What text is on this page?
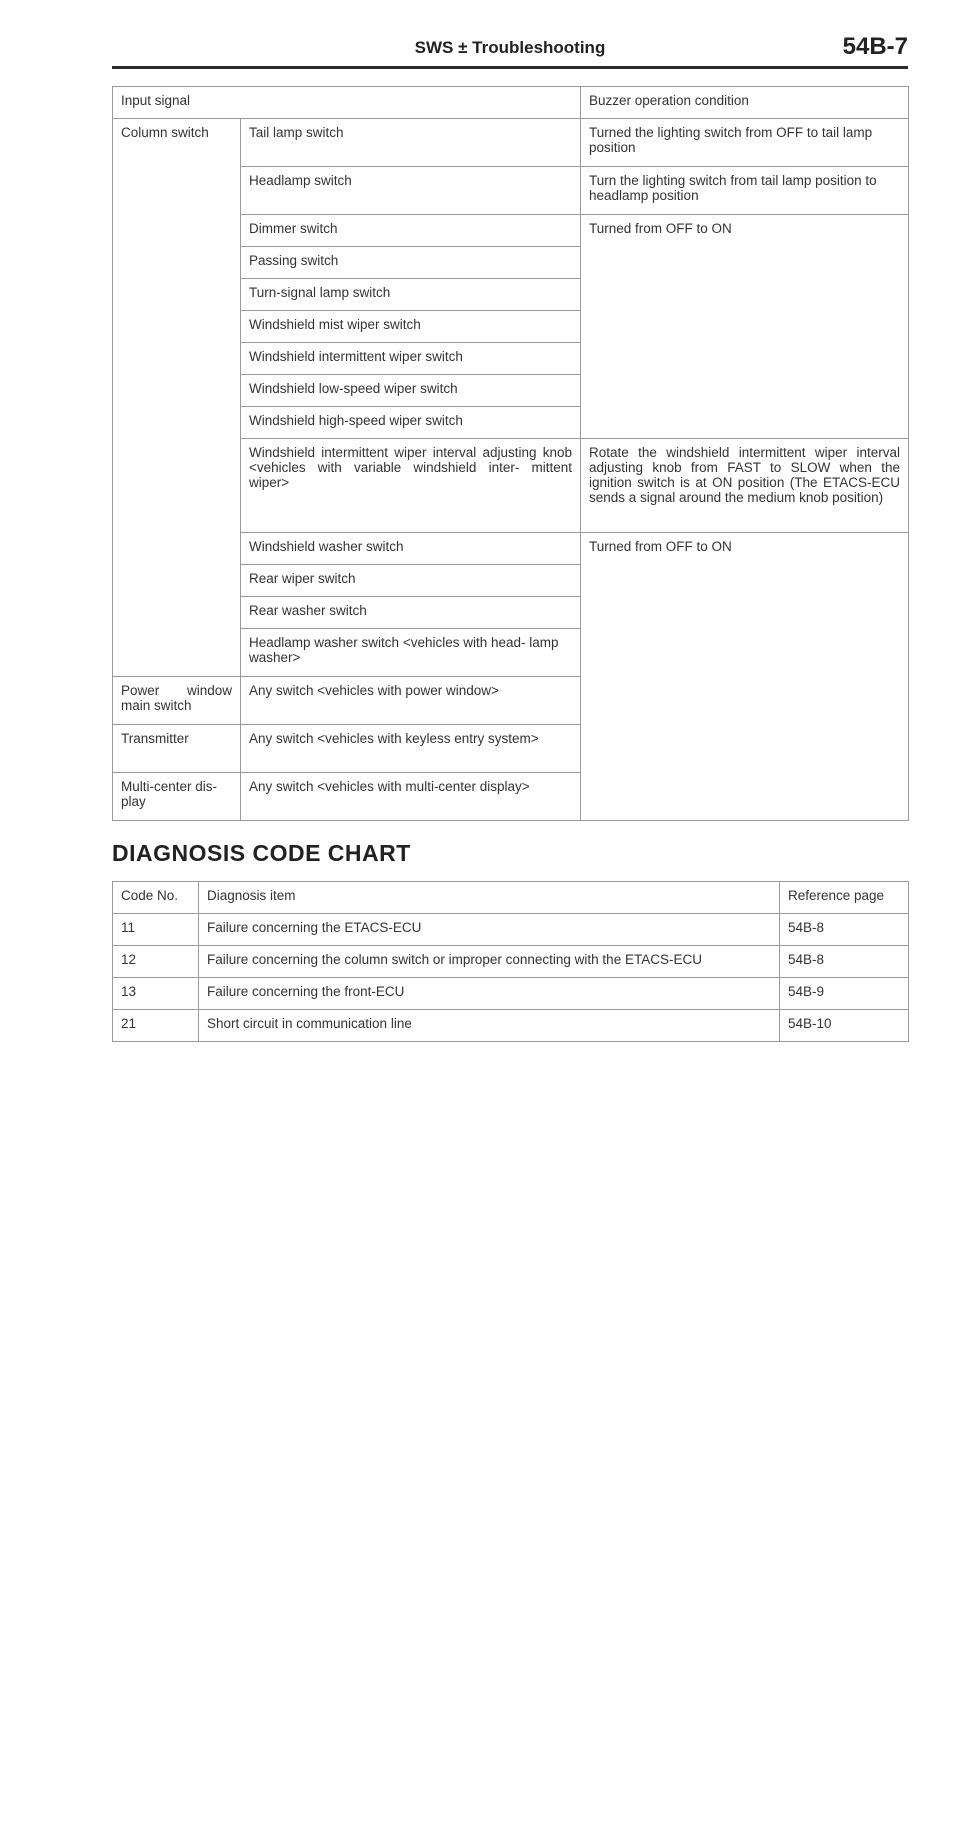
SWS ± Troubleshooting	54B-7
Input signal		Buzzer operation condition
Column switch	Tail lamp switch	Turned the lighting switch from OFF to tail lamp position
	Headlamp switch	Turn the lighting switch from tail lamp position to headlamp position
	Dimmer switch	Turned from OFF to ON
	Passing switch	
	Turn-signal lamp switch	
	Windshield mist wiper switch	
	Windshield intermittent wiper switch	
	Windshield low-speed wiper switch	
	Windshield high-speed wiper switch	
	Windshield intermittent wiper interval adjusting knob <vehicles with variable windshield inter- mittent wiper>	Rotate the windshield intermittent wiper interval adjusting knob from FAST to SLOW when the ignition switch is at ON position (The ETACS-ECU sends a signal around the medium knob position)
	Windshield washer switch	Turned from OFF to ON
	Rear wiper switch	
	Rear washer switch	
	Headlamp washer switch <vehicles with head- lamp washer>	
Power window main switch	Any switch <vehicles with power window>	
Transmitter	Any switch <vehicles with keyless entry system>	
Multi-center dis- play	Any switch <vehicles with multi-center display>	
DIAGNOSIS CODE CHART
Code No.	Diagnosis item	Reference page
11	Failure concerning the ETACS-ECU	54B-8
12	Failure concerning the column switch or improper connecting with the ETACS-ECU	54B-8
13	Failure concerning the front-ECU	54B-9
21	Short circuit in communication line	54B-10
